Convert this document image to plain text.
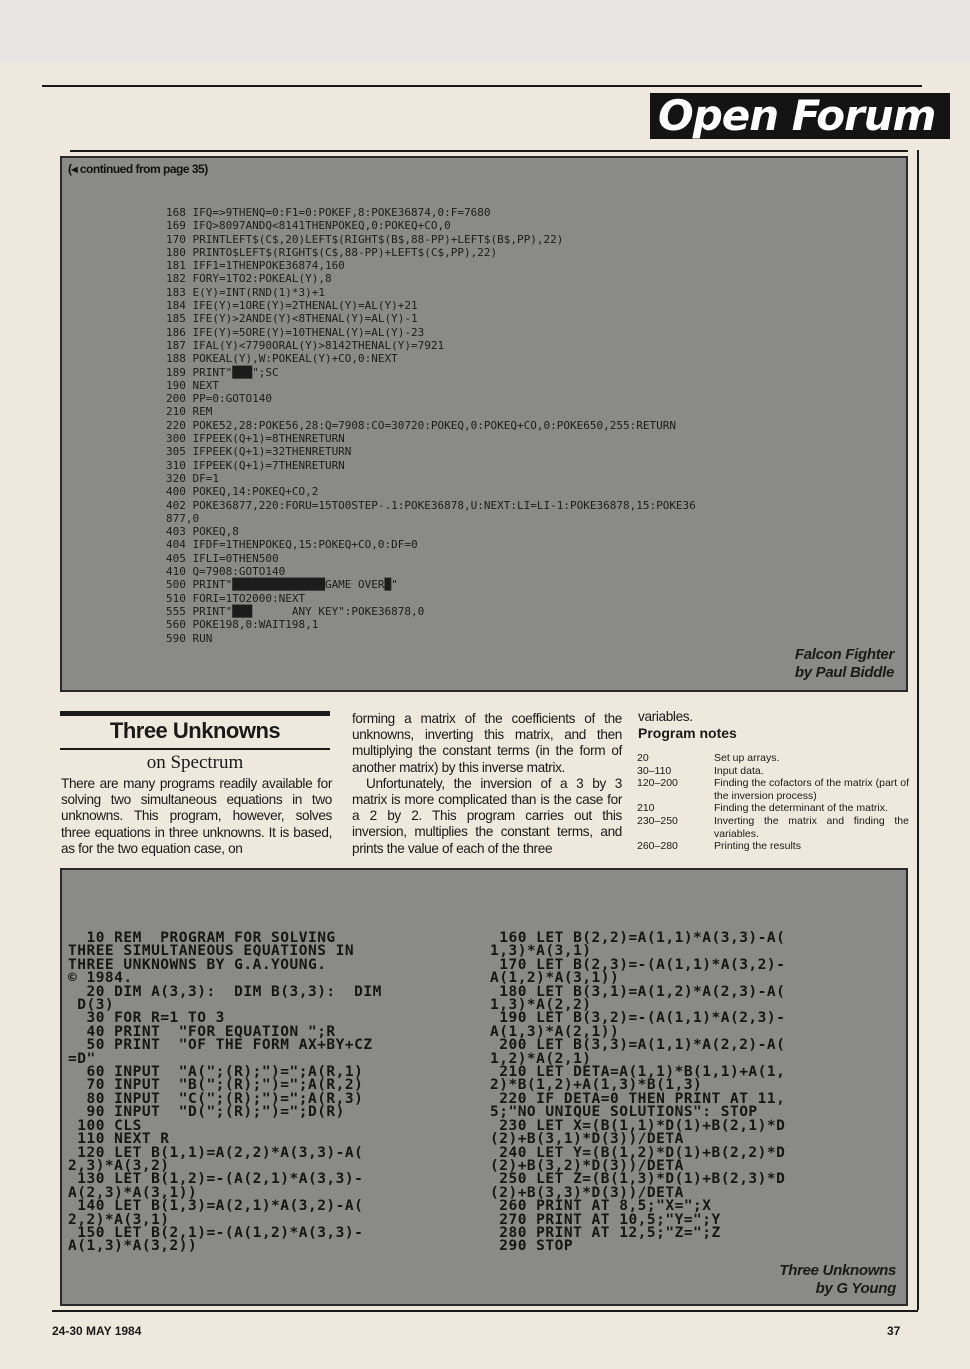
Open Forum
(◂ continued from page 35)
168 IFQ=>9THENQ=0:F1=0:POKEF,8:POKE36874,0:F=7680
169 IFQ>8097ANDQ<8141THENPOKEQ,0:POKEQ+CO,0
170 PRINTLEFT$(C$,20)LEFT$(RIGHT$(B$,88-PP)+LEFT$(B$,PP),22)
180 PRINTO$LEFT$(RIGHT$(C$,88-PP)+LEFT$(C$,PP),22)
181 IFF1=1THENPOKE36874,160
182 FORY=1TO2:POKEAL(Y),8
183 E(Y)=INT(RND(1)*3)+1
184 IFE(Y)=1ORE(Y)=2THENAL(Y)=AL(Y)+21
185 IFE(Y)>2ANDE(Y)<8THENAL(Y)=AL(Y)-1
186 IFE(Y)=5ORE(Y)=10THENAL(Y)=AL(Y)-23
187 IFAL(Y)<7790ORAL(Y)>8142THENAL(Y)=7921
188 POKEAL(Y),W:POKEAL(Y)+CO,0:NEXT
189 PRINT"███";SC
190 NEXT
200 PP=0:GOTO140
210 REM
220 POKE52,28:POKE56,28:Q=7908:CO=30720:POKEQ,0:POKEQ+CO,0:POKE650,255:RETURN
300 IFPEEK(Q+1)=8THENRETURN
305 IFPEEK(Q+1)=32THENRETURN
310 IFPEEK(Q+1)=7THENRETURN
320 DF=1
400 POKEQ,14:POKEQ+CO,2
402 POKE36877,220:FORU=15TO0STEP-.1:POKE36878,U:NEXT:LI=LI-1:POKE36878,15:POKE36
877,0
403 POKEQ,8
404 IFDF=1THENPOKEQ,15:POKEQ+CO,0:DF=0
405 IFLI=0THEN500
410 Q=7908:GOTO140
500 PRINT"██████████████GAME OVER█"
510 FORI=1TO2000:NEXT
555 PRINT"███      ANY KEY":POKE36878,0
560 POKE198,0:WAIT198,1
590 RUN
Falcon Fighter
by Paul Biddle
Three Unknowns
on Spectrum

There are many programs readily available for solving two simultaneous equations in two unknowns. This program, however, solves three equations in three unknowns. It is based, as for the two equation case, on

forming a matrix of the coefficients of the unknowns, inverting this matrix, and then multiplying the constant terms (in the form of another matrix) by this inverse matrix.

Unfortunately, the inversion of a 3 by 3 matrix is more complicated than is the case for a 2 by 2. This program carries out this inversion, multiplies the constant terms, and prints the value of each of the three

variables.

Program notes
20	Set up arrays.
30–110	Input data.
120–200	Finding the cofactors of the matrix (part of the inversion process)
210	Finding the determinant of the matrix.
230–250	Inverting the matrix and finding the variables.
260–280	Printing the results
10 REM  PROGRAM FOR SOLVING
THREE SIMULTANEOUS EQUATIONS IN
THREE UNKNOWNS BY G.A.YOUNG.
© 1984.
20 DIM A(3,3):  DIM B(3,3):  DIM
D(3)
30 FOR R=1 TO 3
40 PRINT  "FOR EQUATION ";R
50 PRINT  "OF THE FORM AX+BY+CZ
=D"
60 INPUT  "A(";(R);")=";A(R,1)
70 INPUT  "B(";(R);")=";A(R,2)
80 INPUT  "C(";(R);")=";A(R,3)
90 INPUT  "D(";(R);")=";D(R)
100 CLS
110 NEXT R
120 LET B(1,1)=A(2,2)*A(3,3)-A(
2,3)*A(3,2)
130 LET B(1,2)=-(A(2,1)*A(3,3)-
A(2,3)*A(3,1))
140 LET B(1,3)=A(2,1)*A(3,2)-A(
2,2)*A(3,1)
150 LET B(2,1)=-(A(1,2)*A(3,3)-
A(1,3)*A(3,2))
160 LET B(2,2)=A(1,1)*A(3,3)-A(
1,3)*A(3,1)
170 LET B(2,3)=-(A(1,1)*A(3,2)-
A(1,2)*A(3,1))
180 LET B(3,1)=A(1,2)*A(2,3)-A(
1,3)*A(2,2)
190 LET B(3,2)=-(A(1,1)*A(2,3)-
A(1,3)*A(2,1))
200 LET B(3,3)=A(1,1)*A(2,2)-A(
1,2)*A(2,1)
210 LET DETA=A(1,1)*B(1,1)+A(1,
2)*B(1,2)+A(1,3)*B(1,3)
220 IF DETA=0 THEN PRINT AT 11,
5;"NO UNIQUE SOLUTIONS": STOP
230 LET X=(B(1,1)*D(1)+B(2,1)*D
(2)+B(3,1)*D(3))/DETA
240 LET Y=(B(1,2)*D(1)+B(2,2)*D
(2)+B(3,2)*D(3))/DETA
250 LET Z=(B(1,3)*D(1)+B(2,3)*D
(2)+B(3,3)*D(3))/DETA
260 PRINT AT 8,5;"X=";X
270 PRINT AT 10,5;"Y=";Y
280 PRINT AT 12,5;"Z=";Z
290 STOP
Three Unknowns
by G Young
24-30 MAY 1984	37
